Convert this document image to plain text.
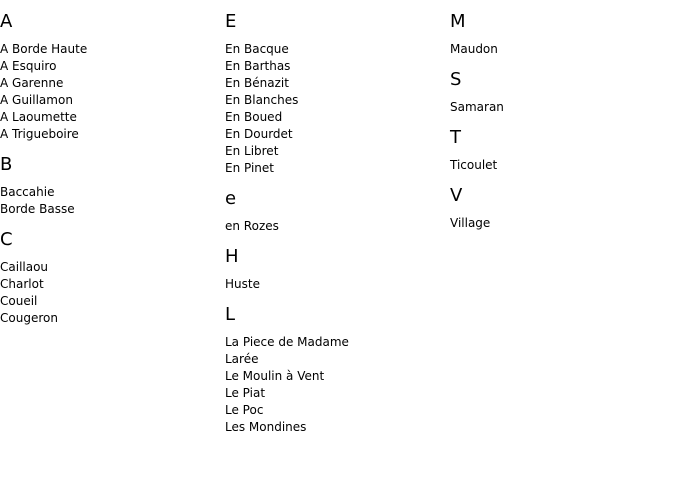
A
A Borde Haute
A Esquiro
A Garenne
A Guillamon
A Laoumette
A Trigueboire
B
Baccahie
Borde Basse
C
Caillaou
Charlot
Coueil
Cougeron
E
En Bacque
En Barthas
En Bénazit
En Blanches
En Boued
En Dourdet
En Libret
En Pinet
e
en Rozes
H
Huste
L
La Piece de Madame
Larée
Le Moulin à Vent
Le Piat
Le Poc
Les Mondines
M
Maudon
S
Samaran
T
Ticoulet
V
Village
